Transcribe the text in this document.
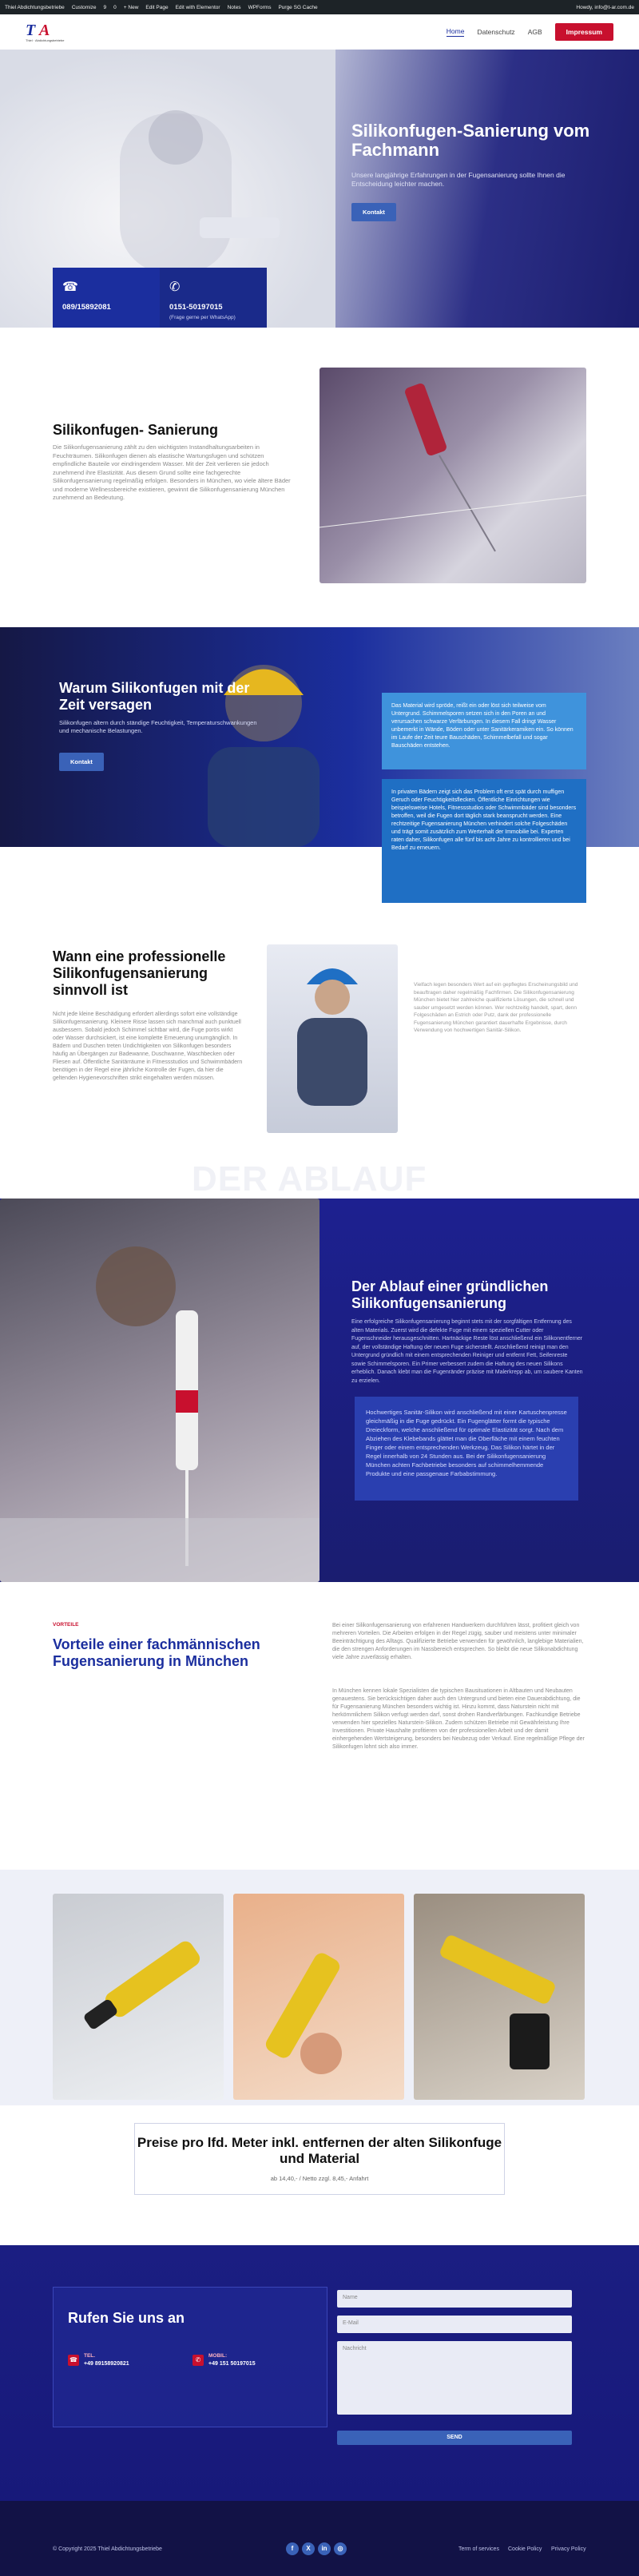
Thiel Abdichtungsbetriebe Customize 9 0 + New Edit Page Edit with Elementor Notes WPForms Purge SG Cache	Howdy, info@t-ar.com.de
T A
Thiel · Abdichtungsbetriebe
Home Datenschutz AGB	Impressum
Silikonfugen-Sanierung vom Fachmann

Unsere langjährige Erfahrungen in der Fugensanierung sollte Ihnen die Entscheidung leichter machen.

Kontakt
☎
089/15892081
✆
0151-50197015
(Frage gerne per WhatsApp)
Silikonfugen- Sanierung
Die Silikonfugensanierung zählt zu den wichtigsten Instandhaltungsarbeiten in Feuchträumen. Silikonfugen dienen als elastische Wartungsfugen und schützen empfindliche Bauteile vor eindringendem Wasser. Mit der Zeit verlieren sie jedoch zunehmend ihre Elastizität. Aus diesem Grund sollte eine fachgerechte Silikonfugensanierung regelmäßig erfolgen. Besonders in München, wo viele ältere Bäder und moderne Wellnessbereiche existieren, gewinnt die Silikonfugensanierung München zunehmend an Bedeutung.
Warum Silikonfugen mit der Zeit versagen
Silikonfugen altern durch ständige Feuchtigkeit, Temperaturschwankungen und mechanische Belastungen.
Kontakt
Das Material wird spröde, reißt ein oder löst sich teilweise vom Untergrund. Schimmelsporen setzen sich in den Poren an und verursachen schwarze Verfärbungen. In diesem Fall dringt Wasser unbemerkt in Wände, Böden oder unter Sanitärkeramiken ein. So können im Laufe der Zeit teure Bauschäden, Schimmelbefall und sogar Bauschäden entstehen.
In privaten Bädern zeigt sich das Problem oft erst spät durch muffigen Geruch oder Feuchtigkeitsflecken. Öffentliche Einrichtungen wie beispielsweise Hotels, Fitnessstudios oder Schwimmbäder sind besonders betroffen, weil die Fugen dort täglich stark beansprucht werden. Eine rechtzeitige Fugensanierung München verhindert solche Folgeschäden und trägt somit zusätzlich zum Werterhalt der Immobilie bei. Experten raten daher, Silikonfugen alle fünf bis acht Jahre zu kontrollieren und bei Bedarf zu erneuern.
Wann eine professionelle Silikonfugensanierung sinnvoll ist
Nicht jede kleine Beschädigung erfordert allerdings sofort eine vollständige Silikonfugensanierung. Kleinere Risse lassen sich manchmal auch punktuell ausbessern. Sobald jedoch Schimmel sichtbar wird, die Fuge porös wirkt oder Wasser durchsickert, ist eine komplette Erneuerung unumgänglich. In Bädern und Duschen treten Undichtigkeiten von Silikonfugen besonders häufig an Übergängen zur Badewanne, Duschwanne, Waschbecken oder Fliesen auf. Öffentliche Sanitärräume in Fitnessstudios und Schwimmbädern benötigen in der Regel eine jährliche Kontrolle der Fugen, da hier die geltenden Hygienevorschriften strikt eingehalten werden müssen.
Vielfach legen besonders Wert auf ein gepflegtes Erscheinungsbild und beauftragen daher regelmäßig Fachfirmen. Die Silikonfugensanierung München bietet hier zahlreiche qualifizierte Lösungen, die schnell und sauber umgesetzt werden können. Wer rechtzeitig handelt, spart, denn Folgeschäden an Estrich oder Putz, dank der professionelle Fugensanierung München garantiert dauerhafte Ergebnisse, durch Verwendung von hochwertigen Sanitär-Silikon.
DER ABLAUF
Der Ablauf einer gründlichen Silikonfugensanierung
Eine erfolgreiche Silikonfugensanierung beginnt stets mit der sorgfältigen Entfernung des alten Materials. Zuerst wird die defekte Fuge mit einem speziellen Cutter oder Fugenschneider herausgeschnitten. Hartnäckige Reste löst anschließend ein Silikonentferner auf, der vollständige Haftung der neuen Fuge sicherstellt. Anschließend reinigt man den Untergrund gründlich mit einem entsprechenden Reiniger und entfernt Fett, Seifenreste sowie Schimmelsporen. Ein Primer verbessert zudem die Haftung des neuen Silikons erheblich. Danach klebt man die Fugenränder präzise mit Malerkrepp ab, um saubere Kanten zu erzielen.
Hochwertiges Sanitär-Silikon wird anschließend mit einer Kartuschenpresse gleichmäßig in die Fuge gedrückt. Ein Fugenglätter formt die typische Dreieckform, welche anschließend für optimale Elastizität sorgt. Nach dem Abziehen des Klebebands glättet man die Oberfläche mit einem feuchten Finger oder einem entsprechenden Werkzeug. Das Silikon härtet in der Regel innerhalb von 24 Stunden aus. Bei der Silikonfugensanierung München achten Fachbetriebe besonders auf schimmelhemmende Produkte und eine passgenaue Farbabstimmung.
VORTEILE
Vorteile einer fachmännischen Fugensanierung in München
Bei einer Silikonfugensanierung von erfahrenen Handwerkern durchführen lässt, profitiert gleich von mehreren Vorteilen. Die Arbeiten erfolgen in der Regel zügig, sauber und meistens unter minimaler Beeinträchtigung des Alltags. Qualifizierte Betriebe verwenden für gewöhnlich, langlebige Materialien, die den strengen Anforderungen im Nassbereich entsprechen. So bleibt die neue Silikonabdichtung viele Jahre zuverlässig erhalten.
In München kennen lokale Spezialisten die typischen Bausituationen in Altbauten und Neubauten genauestens. Sie berücksichtigen daher auch den Untergrund und bieten eine Dauerabdichtung, die für Fugensanierung München besonders wichtig ist. Hinzu kommt, dass Naturstein nicht mit herkömmlichem Silikon verfugt werden darf, sonst drohen Randverfärbungen. Fachkundige Betriebe verwenden hier spezielles Naturstein-Silikon. Zudem schützen Betriebe mit Gewährleistung Ihre Investitionen. Private Haushalte profitieren von der professionellen Arbeit und der damit einhergehenden Wertsteigerung, besonders bei Neubezug oder Verkauf. Eine regelmäßige Pflege der Silikonfugen lohnt sich also immer.
Preise pro lfd. Meter inkl. entfernen der alten Silikonfuge und Material
ab 14,40,- / Netto zzgl. 8,45,- Anfahrt
Rufen Sie uns an
☎
TEL.
+49 89158920821
✆
MOBIL:
+49 151 50197015
Name
E-Mail
Nachricht
SEND
© Copyright 2025 Thiel Abdichtungsbetriebe	f	X	in	◎	Term of services Cookie Policy Privacy Policy
